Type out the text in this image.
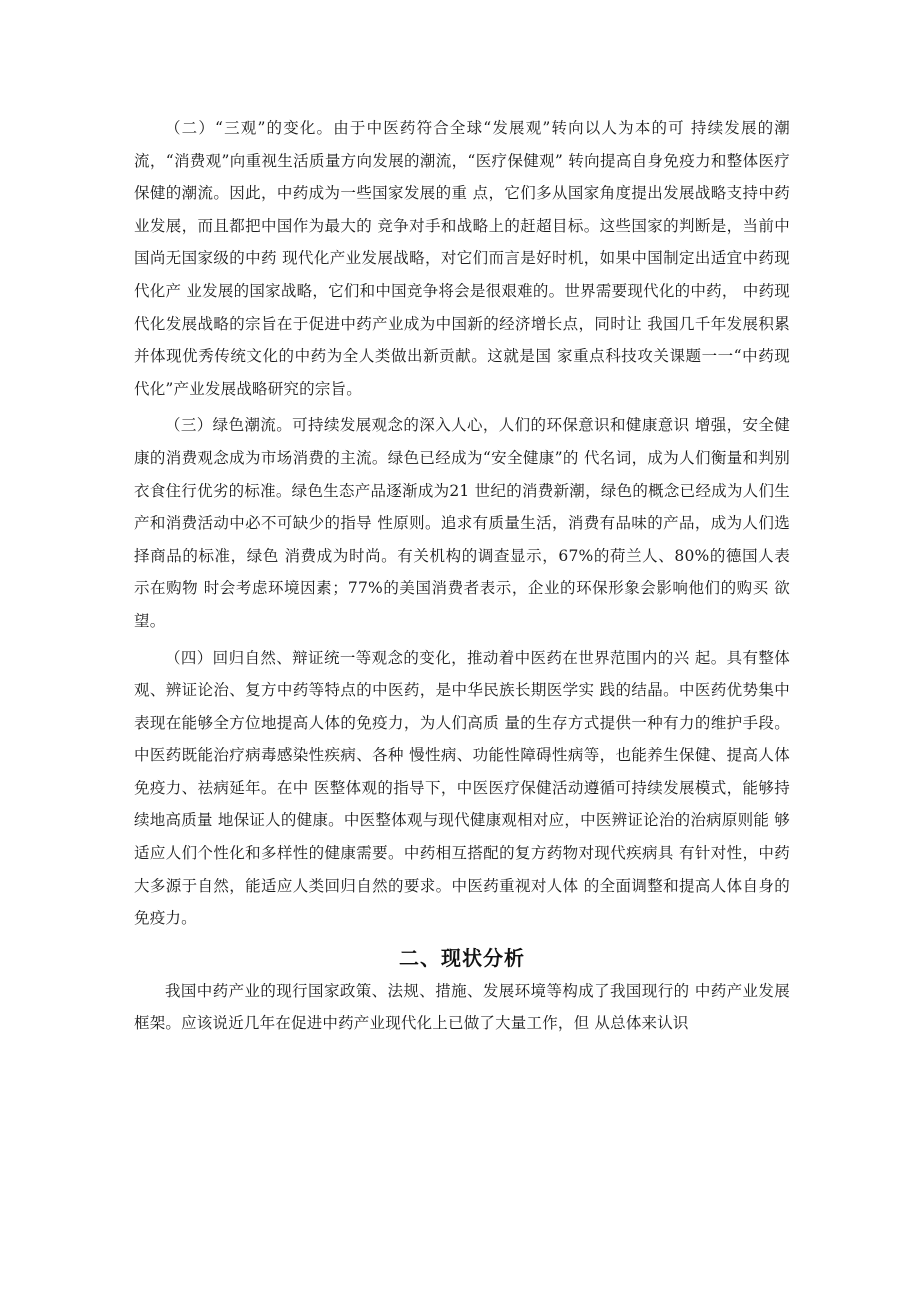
（二）“三观”的变化。由于中医药符合全球“发展观”转向以人为本的可 持续发展的潮流，“消费观”向重视生活质量方向发展的潮流，“医疗保健观” 转向提高自身免疫力和整体医疗保健的潮流。因此，中药成为一些国家发展的重 点，它们多从国家角度提出发展战略支持中药业发展，而且都把中国作为最大的 竞争对手和战略上的赶超目标。这些国家的判断是，当前中国尚无国家级的中药 现代化产业发展战略，对它们而言是好时机，如果中国制定出适宜中药现代化产 业发展的国家战略，它们和中国竞争将会是很艰难的。世界需要现代化的中药， 中药现代化发展战略的宗旨在于促进中药产业成为中国新的经济增长点，同时让 我国几千年发展积累并体现优秀传统文化的中药为全人类做出新贡献。这就是国 家重点科技攻关课题一一“中药现代化”产业发展战略研究的宗旨。

（三）绿色潮流。可持续发展观念的深入人心，人们的环保意识和健康意识 增强，安全健康的消费观念成为市场消费的主流。绿色已经成为“安全健康”的 代名词，成为人们衡量和判别衣食住行优劣的标准。绿色生态产品逐渐成为21 世纪的消费新潮，绿色的概念已经成为人们生产和消费活动中必不可缺少的指导 性原则。追求有质量生活，消费有品味的产品，成为人们选择商品的标准，绿色 消费成为时尚。有关机构的调查显示，67%的荷兰人、80%的德国人表示在购物 时会考虑环境因素；77%的美国消费者表示，企业的环保形象会影响他们的购买 欲望。

（四）回归自然、辩证统一等观念的变化，推动着中医药在世界范围内的兴 起。具有整体观、辨证论治、复方中药等特点的中医药，是中华民族长期医学实 践的结晶。中医药优势集中表现在能够全方位地提高人体的免疫力，为人们高质 量的生存方式提供一种有力的维护手段。中医药既能治疗病毒感染性疾病、各种 慢性病、功能性障碍性病等，也能养生保健、提高人体免疫力、祛病延年。在中 医整体观的指导下，中医医疗保健活动遵循可持续发展模式，能够持续地高质量 地保证人的健康。中医整体观与现代健康观相对应，中医辨证论治的治病原则能 够适应人们个性化和多样性的健康需要。中药相互搭配的复方药物对现代疾病具 有针对性，中药大多源于自然，能适应人类回归自然的要求。中医药重视对人体 的全面调整和提高人体自身的免疫力。

二、现状分析

我国中药产业的现行国家政策、法规、措施、发展环境等构成了我国现行的 中药产业发展框架。应该说近几年在促进中药产业现代化上已做了大量工作，但 从总体来认识
